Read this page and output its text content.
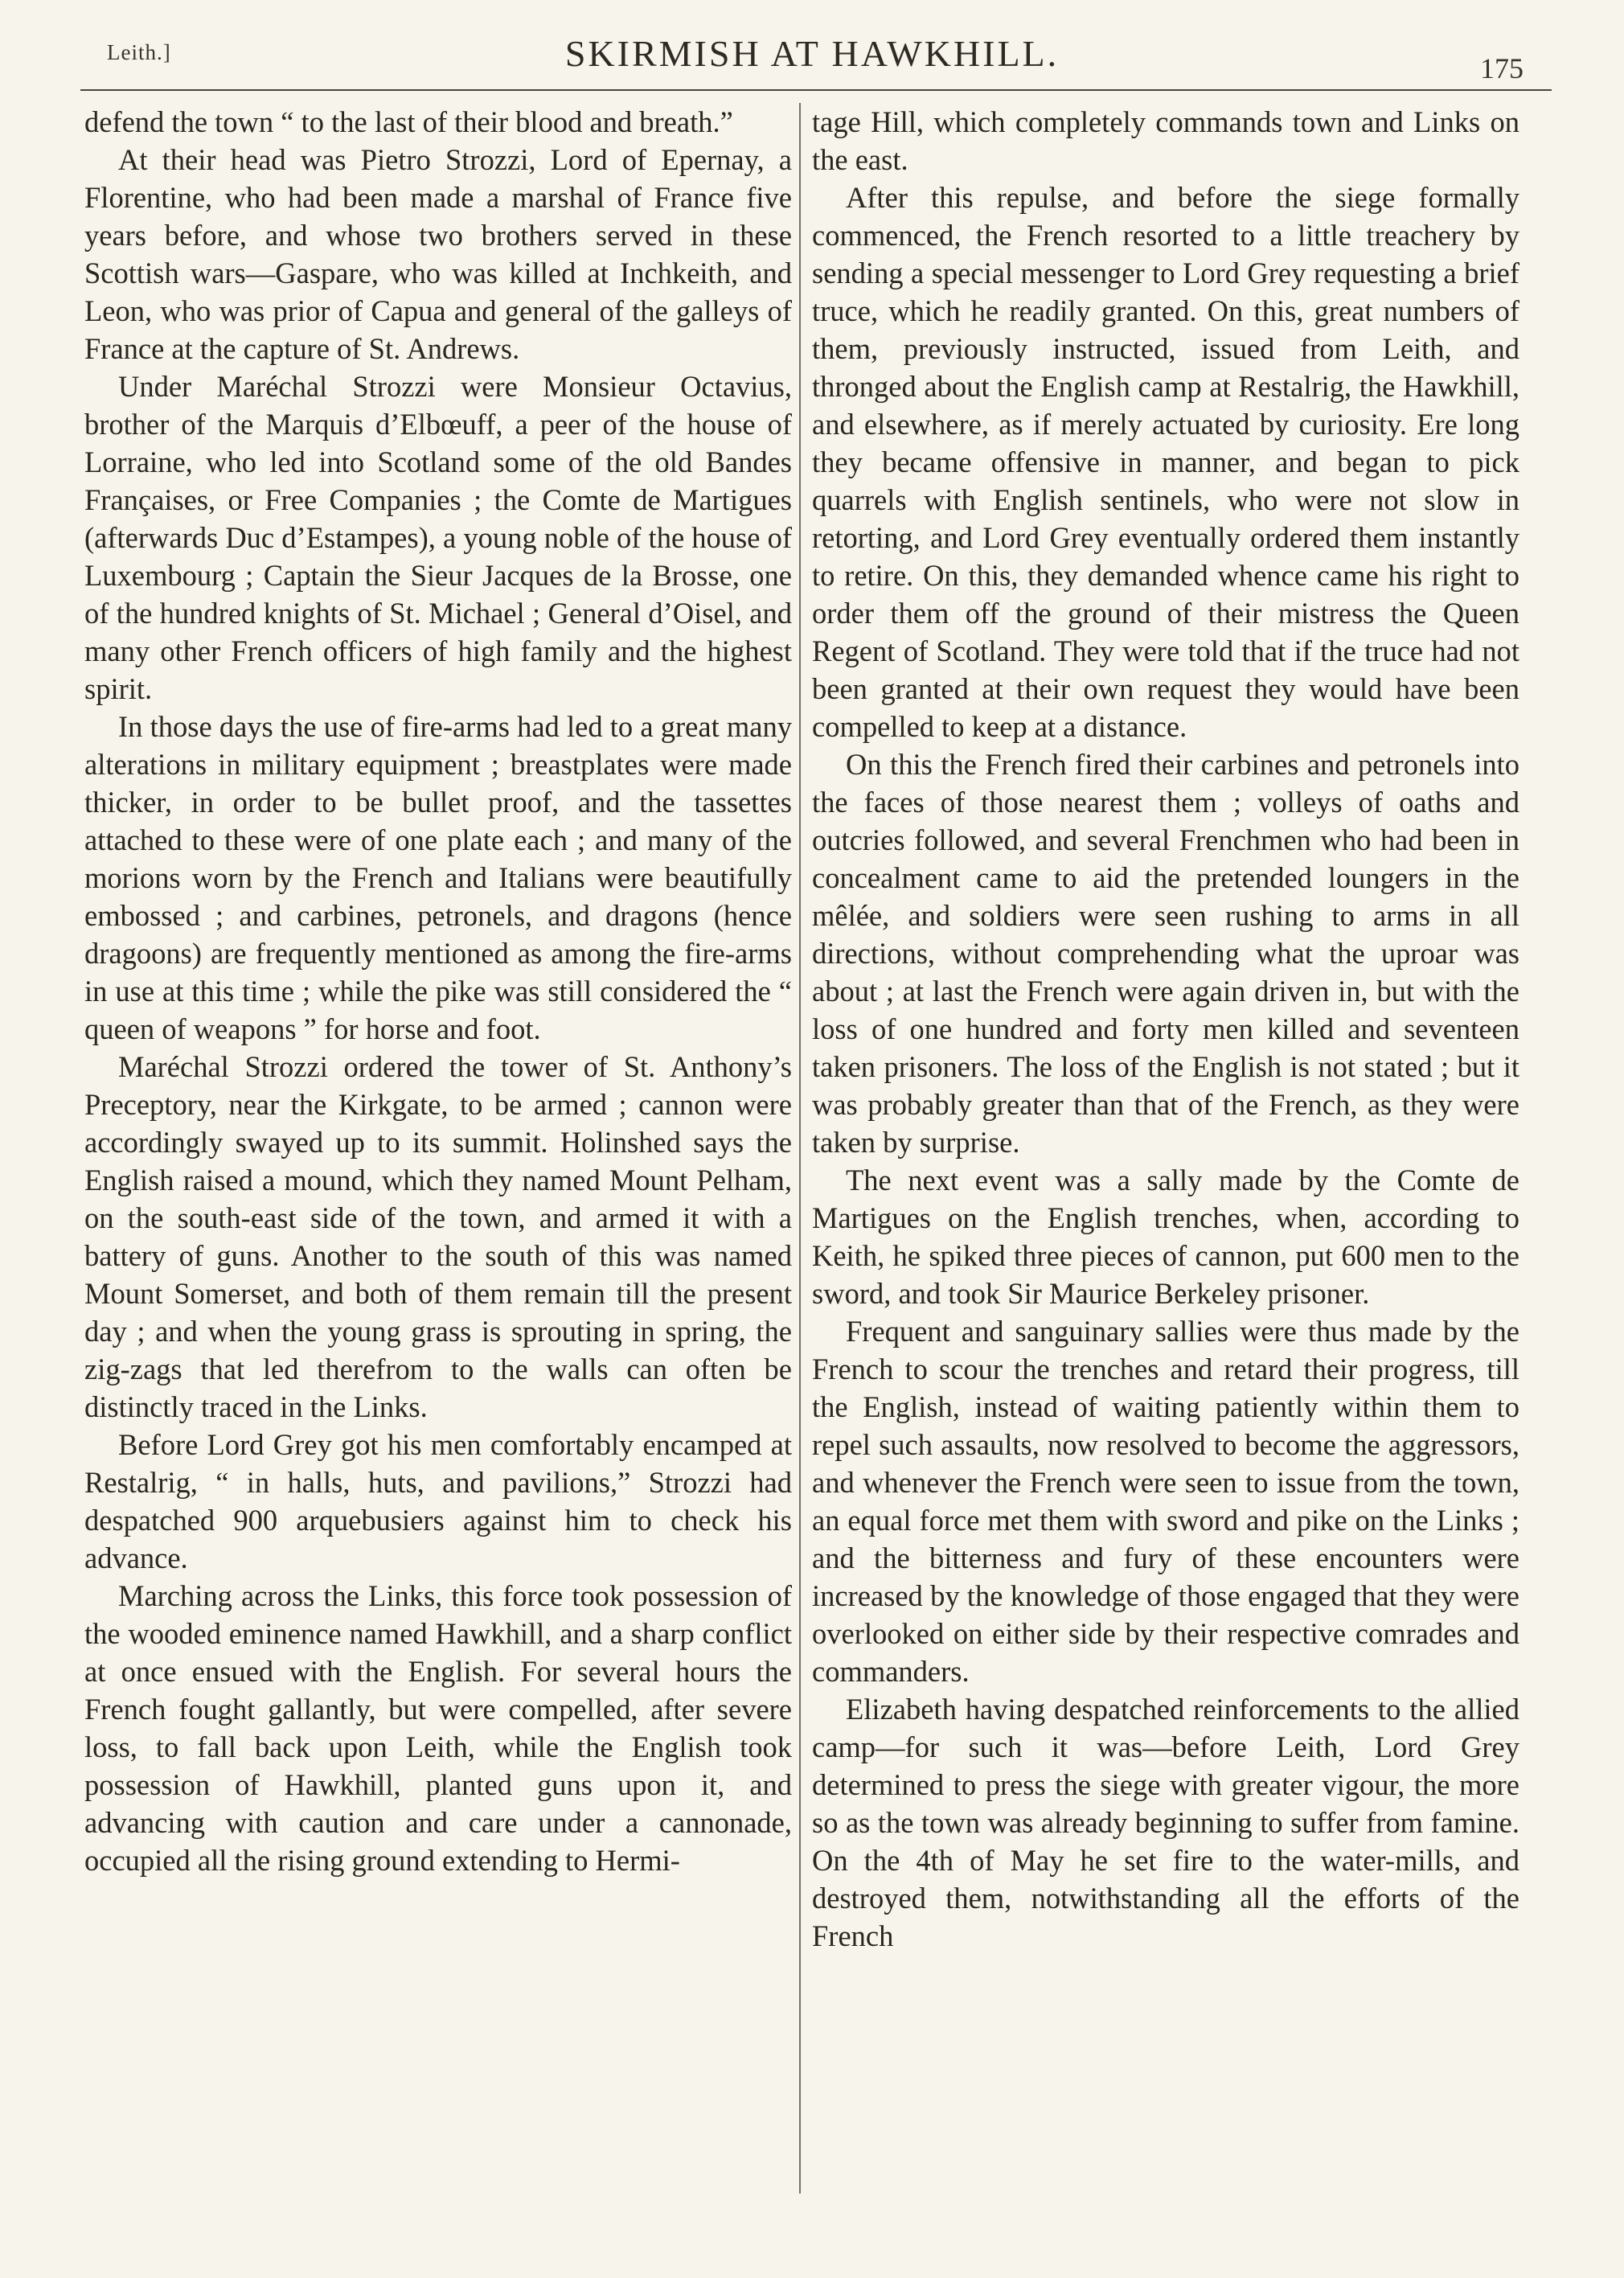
Leith.]	SKIRMISH AT HAWKHILL.	175

defend the town “ to the last of their blood and breath.”

At their head was Pietro Strozzi, Lord of Epernay, a Florentine, who had been made a marshal of France five years before, and whose two brothers served in these Scottish wars—Gaspare, who was killed at Inchkeith, and Leon, who was prior of Capua and general of the galleys of France at the capture of St. Andrews.

Under Maréchal Strozzi were Monsieur Octavius, brother of the Marquis d’Elbœuff, a peer of the house of Lorraine, who led into Scotland some of the old Bandes Françaises, or Free Companies ; the Comte de Martigues (afterwards Duc d’Estampes), a young noble of the house of Luxembourg ; Captain the Sieur Jacques de la Brosse, one of the hundred knights of St. Michael ; General d’Oisel, and many other French officers of high family and the highest spirit.

In those days the use of fire-arms had led to a great many alterations in military equipment ; breastplates were made thicker, in order to be bullet proof, and the tassettes attached to these were of one plate each ; and many of the morions worn by the French and Italians were beautifully embossed ; and carbines, petronels, and dragons (hence dragoons) are frequently mentioned as among the fire-arms in use at this time ; while the pike was still considered the “ queen of weapons ” for horse and foot.

Maréchal Strozzi ordered the tower of St. Anthony’s Preceptory, near the Kirkgate, to be armed ; cannon were accordingly swayed up to its summit. Holinshed says the English raised a mound, which they named Mount Pelham, on the south-east side of the town, and armed it with a battery of guns. Another to the south of this was named Mount Somerset, and both of them remain till the present day ; and when the young grass is sprouting in spring, the zig-zags that led therefrom to the walls can often be distinctly traced in the Links.

Before Lord Grey got his men comfortably encamped at Restalrig, “ in halls, huts, and pavilions,” Strozzi had despatched 900 arquebusiers against him to check his advance.

Marching across the Links, this force took possession of the wooded eminence named Hawkhill, and a sharp conflict at once ensued with the English. For several hours the French fought gallantly, but were compelled, after severe loss, to fall back upon Leith, while the English took possession of Hawkhill, planted guns upon it, and advancing with caution and care under a cannonade, occupied all the rising ground extending to Hermi-

tage Hill, which completely commands town and Links on the east.

After this repulse, and before the siege formally commenced, the French resorted to a little treachery by sending a special messenger to Lord Grey requesting a brief truce, which he readily granted. On this, great numbers of them, previously instructed, issued from Leith, and thronged about the English camp at Restalrig, the Hawkhill, and elsewhere, as if merely actuated by curiosity. Ere long they became offensive in manner, and began to pick quarrels with English sentinels, who were not slow in retorting, and Lord Grey eventually ordered them instantly to retire. On this, they demanded whence came his right to order them off the ground of their mistress the Queen Regent of Scotland. They were told that if the truce had not been granted at their own request they would have been compelled to keep at a distance.

On this the French fired their carbines and petronels into the faces of those nearest them ; volleys of oaths and outcries followed, and several Frenchmen who had been in concealment came to aid the pretended loungers in the mêlée, and soldiers were seen rushing to arms in all directions, without comprehending what the uproar was about ; at last the French were again driven in, but with the loss of one hundred and forty men killed and seventeen taken prisoners. The loss of the English is not stated ; but it was probably greater than that of the French, as they were taken by surprise.

The next event was a sally made by the Comte de Martigues on the English trenches, when, according to Keith, he spiked three pieces of cannon, put 600 men to the sword, and took Sir Maurice Berkeley prisoner.

Frequent and sanguinary sallies were thus made by the French to scour the trenches and retard their progress, till the English, instead of waiting patiently within them to repel such assaults, now resolved to become the aggressors, and whenever the French were seen to issue from the town, an equal force met them with sword and pike on the Links ; and the bitterness and fury of these encounters were increased by the knowledge of those engaged that they were overlooked on either side by their respective comrades and commanders.

Elizabeth having despatched reinforcements to the allied camp—for such it was—before Leith, Lord Grey determined to press the siege with greater vigour, the more so as the town was already beginning to suffer from famine. On the 4th of May he set fire to the water-mills, and destroyed them, notwithstanding all the efforts of the French
